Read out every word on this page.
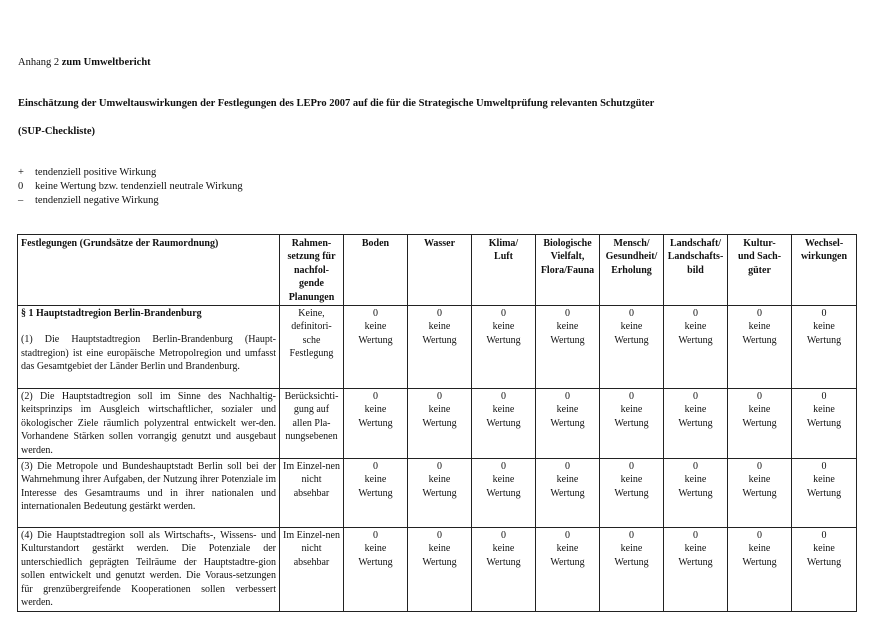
Anhang 2 zum Umweltbericht
Einschätzung der Umweltauswirkungen der Festlegungen des LEPro 2007 auf die für die Strategische Umweltprüfung relevanten Schutzgüter
(SUP-Checkliste)
+	tendenziell positive Wirkung
0	keine Wertung bzw. tendenziell neutrale Wirkung
–	tendenziell negative Wirkung
Festlegungen (Grundsätze der Raumordnung)	Rahmen-
setzung für
nachfol-
gende
Planungen	Boden	Wasser	Klima/
Luft	Biologische
Vielfalt,
Flora/Fauna	Mensch/
Gesundheit/
Erholung	Landschaft/
Landschafts-
bild	Kultur-
und Sach-
güter	Wechsel-
wirkungen

§ 1 Hauptstadtregion Berlin-Brandenburg
(1) Die Hauptstadtregion Berlin-Brandenburg (Haupt-stadtregion) ist eine europäische Metropolregion und umfasst das Gesamtgebiet der Länder Berlin und Brandenburg.	Keine, definitori-sche Festlegung	0
keine Wertung	0
keine Wertung	0
keine Wertung	0
keine Wertung	0
keine Wertung	0
keine Wertung	0
keine Wertung	0
keine Wertung

(2) Die Hauptstadtregion soll im Sinne des Nachhaltig-keitsprinzips im Ausgleich wirtschaftlicher, sozialer und ökologischer Ziele räumlich polyzentral entwickelt wer-den. Vorhandene Stärken sollen vorrangig genutzt und ausgebaut werden.	Berücksichti-gung auf allen Pla-nungsebenen	0
keine Wertung	0
keine Wertung	0
keine Wertung	0
keine Wertung	0
keine Wertung	0
keine Wertung	0
keine Wertung	0
keine Wertung

(3) Die Metropole und Bundeshauptstadt Berlin soll bei der Wahrnehmung ihrer Aufgaben, der Nutzung ihrer Potenziale im Interesse des Gesamtraums und in ihrer nationalen und internationalen Bedeutung gestärkt werden.	Im Einzel-nen nicht absehbar	0
keine Wertung	0
keine Wertung	0
keine Wertung	0
keine Wertung	0
keine Wertung	0
keine Wertung	0
keine Wertung	0
keine Wertung

(4) Die Hauptstadtregion soll als Wirtschafts-, Wissens- und Kulturstandort gestärkt werden. Die Potenziale der unterschiedlich geprägten Teilräume der Hauptstadtre-gion sollen entwickelt und genutzt werden. Die Voraus-setzungen für grenzübergreifende Kooperationen sollen verbessert werden.	Im Einzel-nen nicht absehbar	0
keine Wertung	0
keine Wertung	0
keine Wertung	0
keine Wertung	0
keine Wertung	0
keine Wertung	0
keine Wertung	0
keine Wertung
